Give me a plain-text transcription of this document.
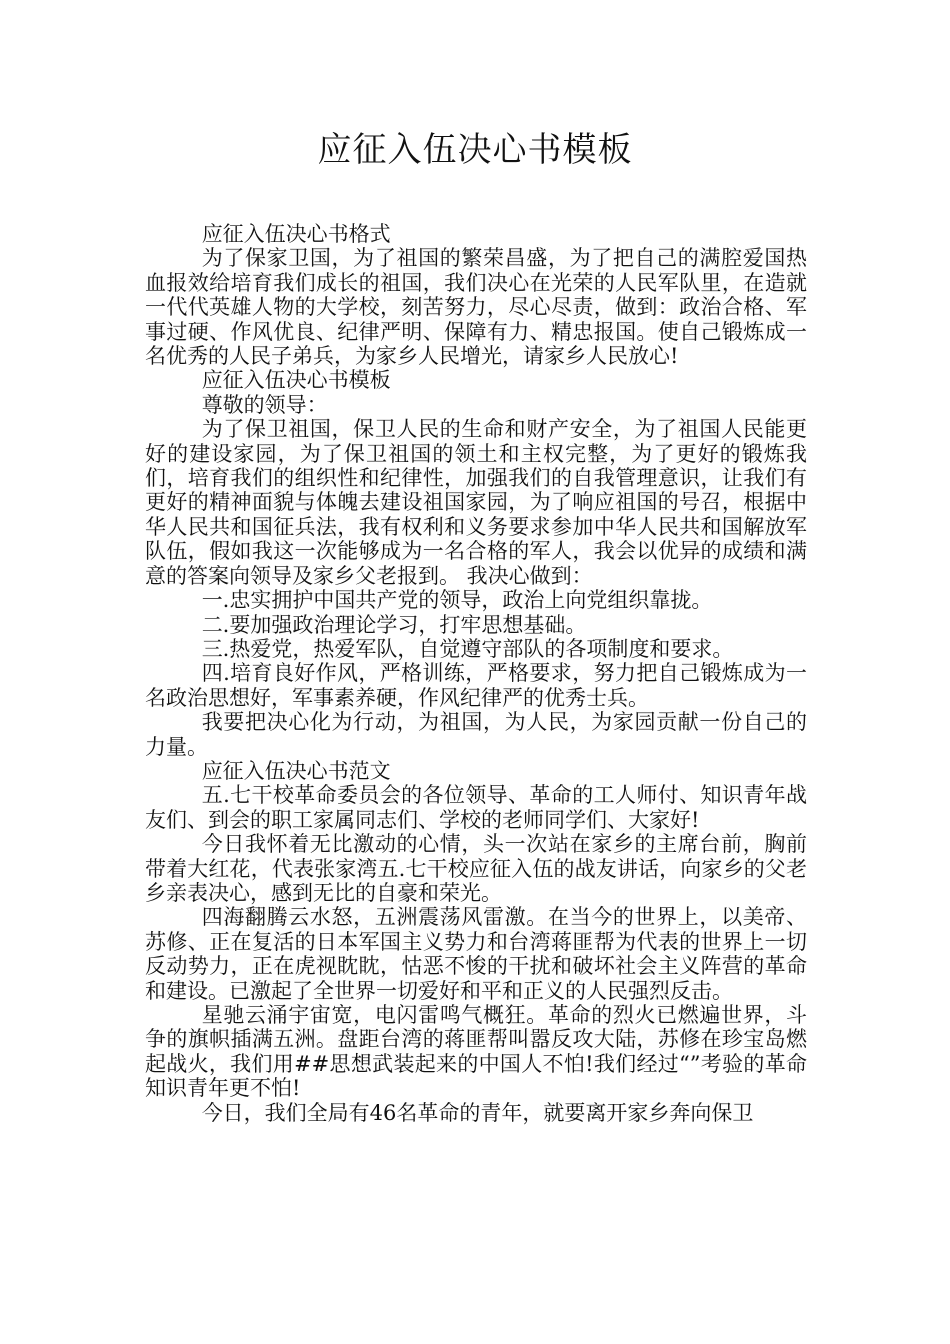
应征入伍决心书模板

应征入伍决心书格式

为了保家卫国，为了祖国的繁荣昌盛，为了把自己的满腔爱国热血报效给培育我们成长的祖国，我们决心在光荣的人民军队里，在造就一代代英雄人物的大学校，刻苦努力，尽心尽责，做到：政治合格、军事过硬、作风优良、纪律严明、保障有力、精忠报国。使自己锻炼成一名优秀的人民子弟兵，为家乡人民增光，请家乡人民放心!

应征入伍决心书模板

尊敬的领导：

为了保卫祖国，保卫人民的生命和财产安全，为了祖国人民能更好的建设家园，为了保卫祖国的领土和主权完整，为了更好的锻炼我们，培育我们的组织性和纪律性，加强我们的自我管理意识，让我们有更好的精神面貌与体魄去建设祖国家园，为了响应祖国的号召，根据中华人民共和国征兵法，我有权利和义务要求参加中华人民共和国解放军队伍，假如我这一次能够成为一名合格的军人，我会以优异的成绩和满意的答案向领导及家乡父老报到。 我决心做到：

一.忠实拥护中国共产党的领导，政治上向党组织靠拢。

二.要加强政治理论学习，打牢思想基础。

三.热爱党，热爱军队，自觉遵守部队的各项制度和要求。

四.培育良好作风，严格训练，严格要求，努力把自己锻炼成为一名政治思想好，军事素养硬，作风纪律严的优秀士兵。

我要把决心化为行动，为祖国，为人民，为家园贡献一份自己的力量。

应征入伍决心书范文

五.七干校革命委员会的各位领导、革命的工人师付、知识青年战友们、到会的职工家属同志们、学校的老师同学们、大家好!

今日我怀着无比激动的心情，头一次站在家乡的主席台前，胸前带着大红花，代表张家湾五.七干校应征入伍的战友讲话，向家乡的父老乡亲表决心，感到无比的自豪和荣光。

四海翻腾云水怒，五洲震荡风雷激。在当今的世界上，以美帝、苏修、正在复活的日本军国主义势力和台湾蒋匪帮为代表的世界上一切反动势力，正在虎视眈眈，怙恶不悛的干扰和破坏社会主义阵营的革命和建设。已激起了全世界一切爱好和平和正义的人民强烈反击。

星驰云涌宇宙宽，电闪雷鸣气概狂。革命的烈火已燃遍世界，斗争的旗帜插满五洲。盘距台湾的蒋匪帮叫嚣反攻大陆，苏修在珍宝岛燃起战火，我们用##思想武装起来的中国人不怕!我们经过“”考验的革命知识青年更不怕!

今日，我们全局有46名革命的青年，就要离开家乡奔向保卫
